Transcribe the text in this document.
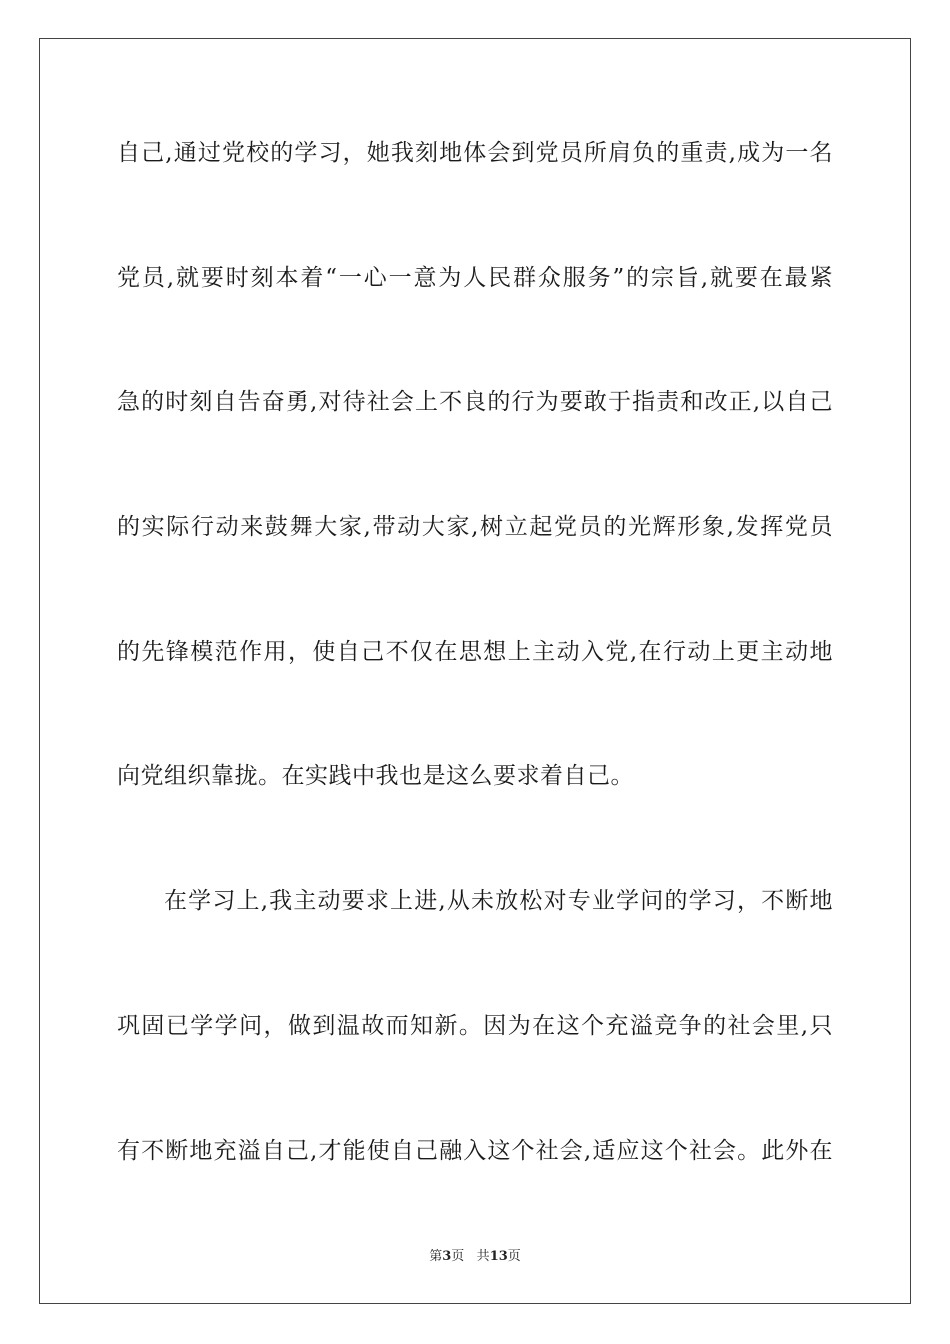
自己,通过党校的学习，她我刻地体会到党员所肩负的重责,成为一名
党员,就要时刻本着“一心一意为人民群众服务”的宗旨,就要在最紧
急的时刻自告奋勇,对待社会上不良的行为要敢于指责和改正,以自己
的实际行动来鼓舞大家,带动大家,树立起党员的光辉形象,发挥党员
的先锋模范作用，使自己不仅在思想上主动入党,在行动上更主动地
向党组织靠拢。在实践中我也是这么要求着自己。
在学习上,我主动要求上进,从未放松对专业学问的学习，不断地
巩固已学学问，做到温故而知新。因为在这个充溢竞争的社会里,只
有不断地充溢自己,才能使自己融入这个社会,适应这个社会。此外在
第3页 共13页
